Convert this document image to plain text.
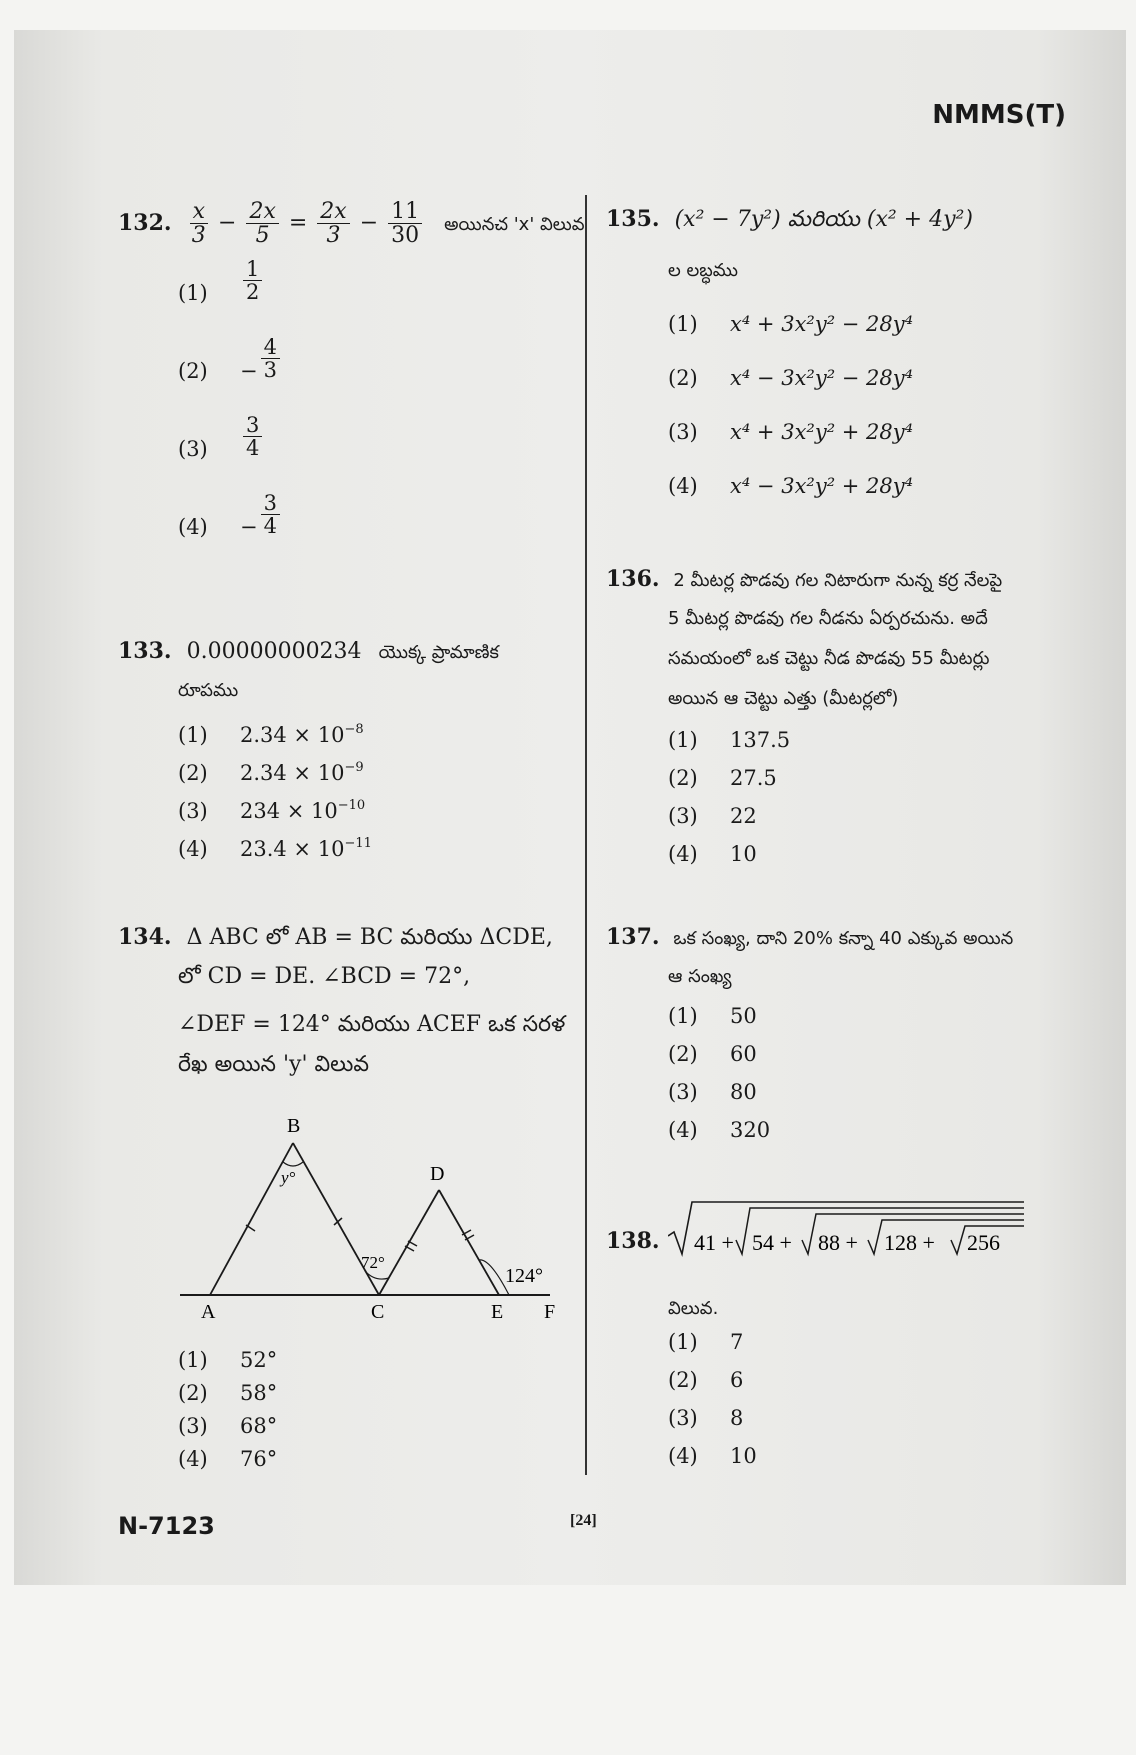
NMMS(T)
132. $\frac{x}{3} - \frac{2x}{5} = \frac{2x}{3} - \frac{11}{30}$ అయినచ 'x' విలువ
$(1) \frac{1}{2}$
$(2) - \frac{4}{3}$
$(3) \frac{3}{4}$
$(4) - \frac{3}{4}$
133. 0.00000000234 యొక్క ప్రామాణిక
రూపము
(1) $2.34 \times 10^{-8}$
(2) $2.34 \times 10^{-9}$
(3) $234 \times 10^{-10}$
(4) $23.4 \times 10^{-11}$
134. Δ ABC లో AB = BC మరియు ΔCDE,
లో CD = DE. ∠BCD = 72°,
∠DEF = 124° మరియు ACEF ఒక సరళ
రేఖ అయిన 'y' విలువ
B
D
A	C	E F
y°
72°
124°
(1) 52°
(2) 58°
(3) 68°
(4) 76°
135. (x² − 7y²) మరియు (x² + 4y²)
ల లబ్ధము
(1) x⁴ + 3x²y² − 28y⁴
(2) x⁴ − 3x²y² − 28y⁴
(3) x⁴ + 3x²y² + 28y⁴
(4) x⁴ − 3x²y² + 28y⁴
136. 2 మీటర్ల పొడవు గల నిటారుగా నున్న కర్ర నేలపై
5 మీటర్ల పొడవు గల నీడను ఏర్పరచును. అదే
సమయంలో ఒక చెట్టు నీడ పొడవు 55 మీటర్లు
అయిన ఆ చెట్టు ఎత్తు (మీటర్లలో)
(1) 137.5
(2) 27.5
(3) 22
(4) 10
137. ఒక సంఖ్య, దాని 20% కన్నా 40 ఎక్కువ అయిన
ఆ సంఖ్య
(1) 50
(2) 60
(3) 80
(4) 320
138.	41 + 54 + 88 + 128 + 256
విలువ.
(1) 7
(2) 6
(3) 8
(4) 10
N-7123	[24]
